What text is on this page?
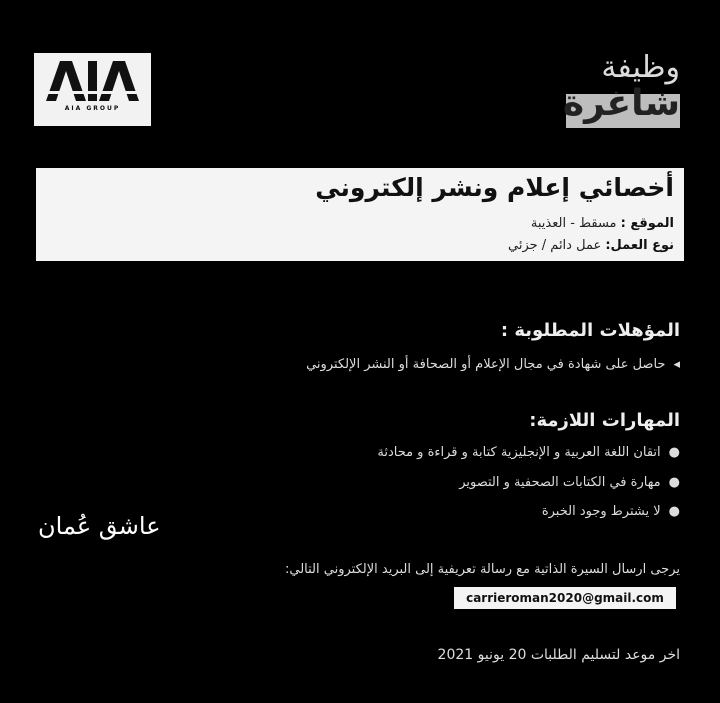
AIA GROUP
وظيفة
شاغرة
أخصائي إعلام ونشر إلكتروني
الموقع : مسقط - العذيبة
نوع العمل: عمل دائم / جزئي
المؤهلات المطلوبة :
◂حاصل على شهادة في مجال الإعلام أو الصحافة أو النشر الإلكتروني
المهارات اللازمة:
●اتقان اللغة العربية و الإنجليزية كتابة و قراءة و محادثة
●مهارة في الكتابات الصحفية و التصوير
●لا يشترط وجود الخبرة
عاشق عُمان
يرجى ارسال السيرة الذاتية مع رسالة تعريفية إلى البريد الإلكتروني التالي:
carrieroman2020@gmail.com
اخر موعد لتسليم الطلبات 20 يونيو 2021
